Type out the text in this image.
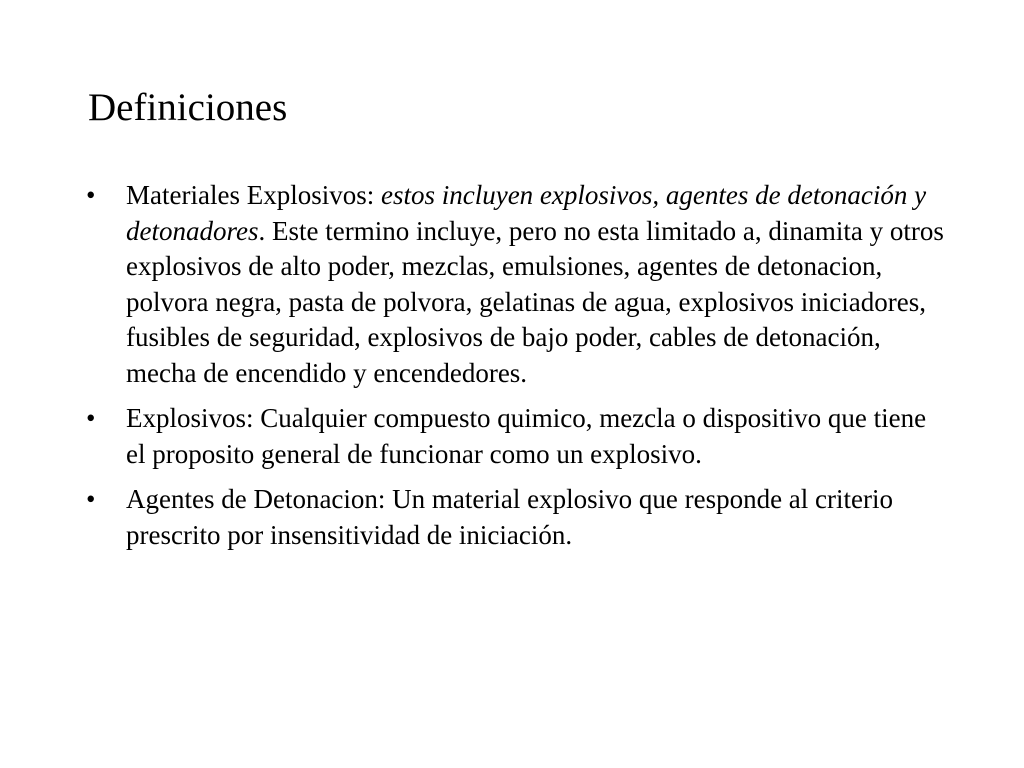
Definiciones
•	Materiales Explosivos: estos incluyen explosivos, agentes de detonación y detonadores. Este termino incluye, pero no esta limitado a, dinamita y otros explosivos de alto poder, mezclas, emulsiones, agentes de detonacion, polvora negra, pasta de polvora, gelatinas de agua, explosivos iniciadores, fusibles de seguridad, explosivos de bajo poder, cables de detonación, mecha de encendido y encendedores.
•	Explosivos: Cualquier compuesto quimico, mezcla o dispositivo que tiene el proposito general de funcionar como un explosivo.
•	Agentes de Detonacion: Un material explosivo que responde al criterio prescrito por insensitividad de iniciación.
